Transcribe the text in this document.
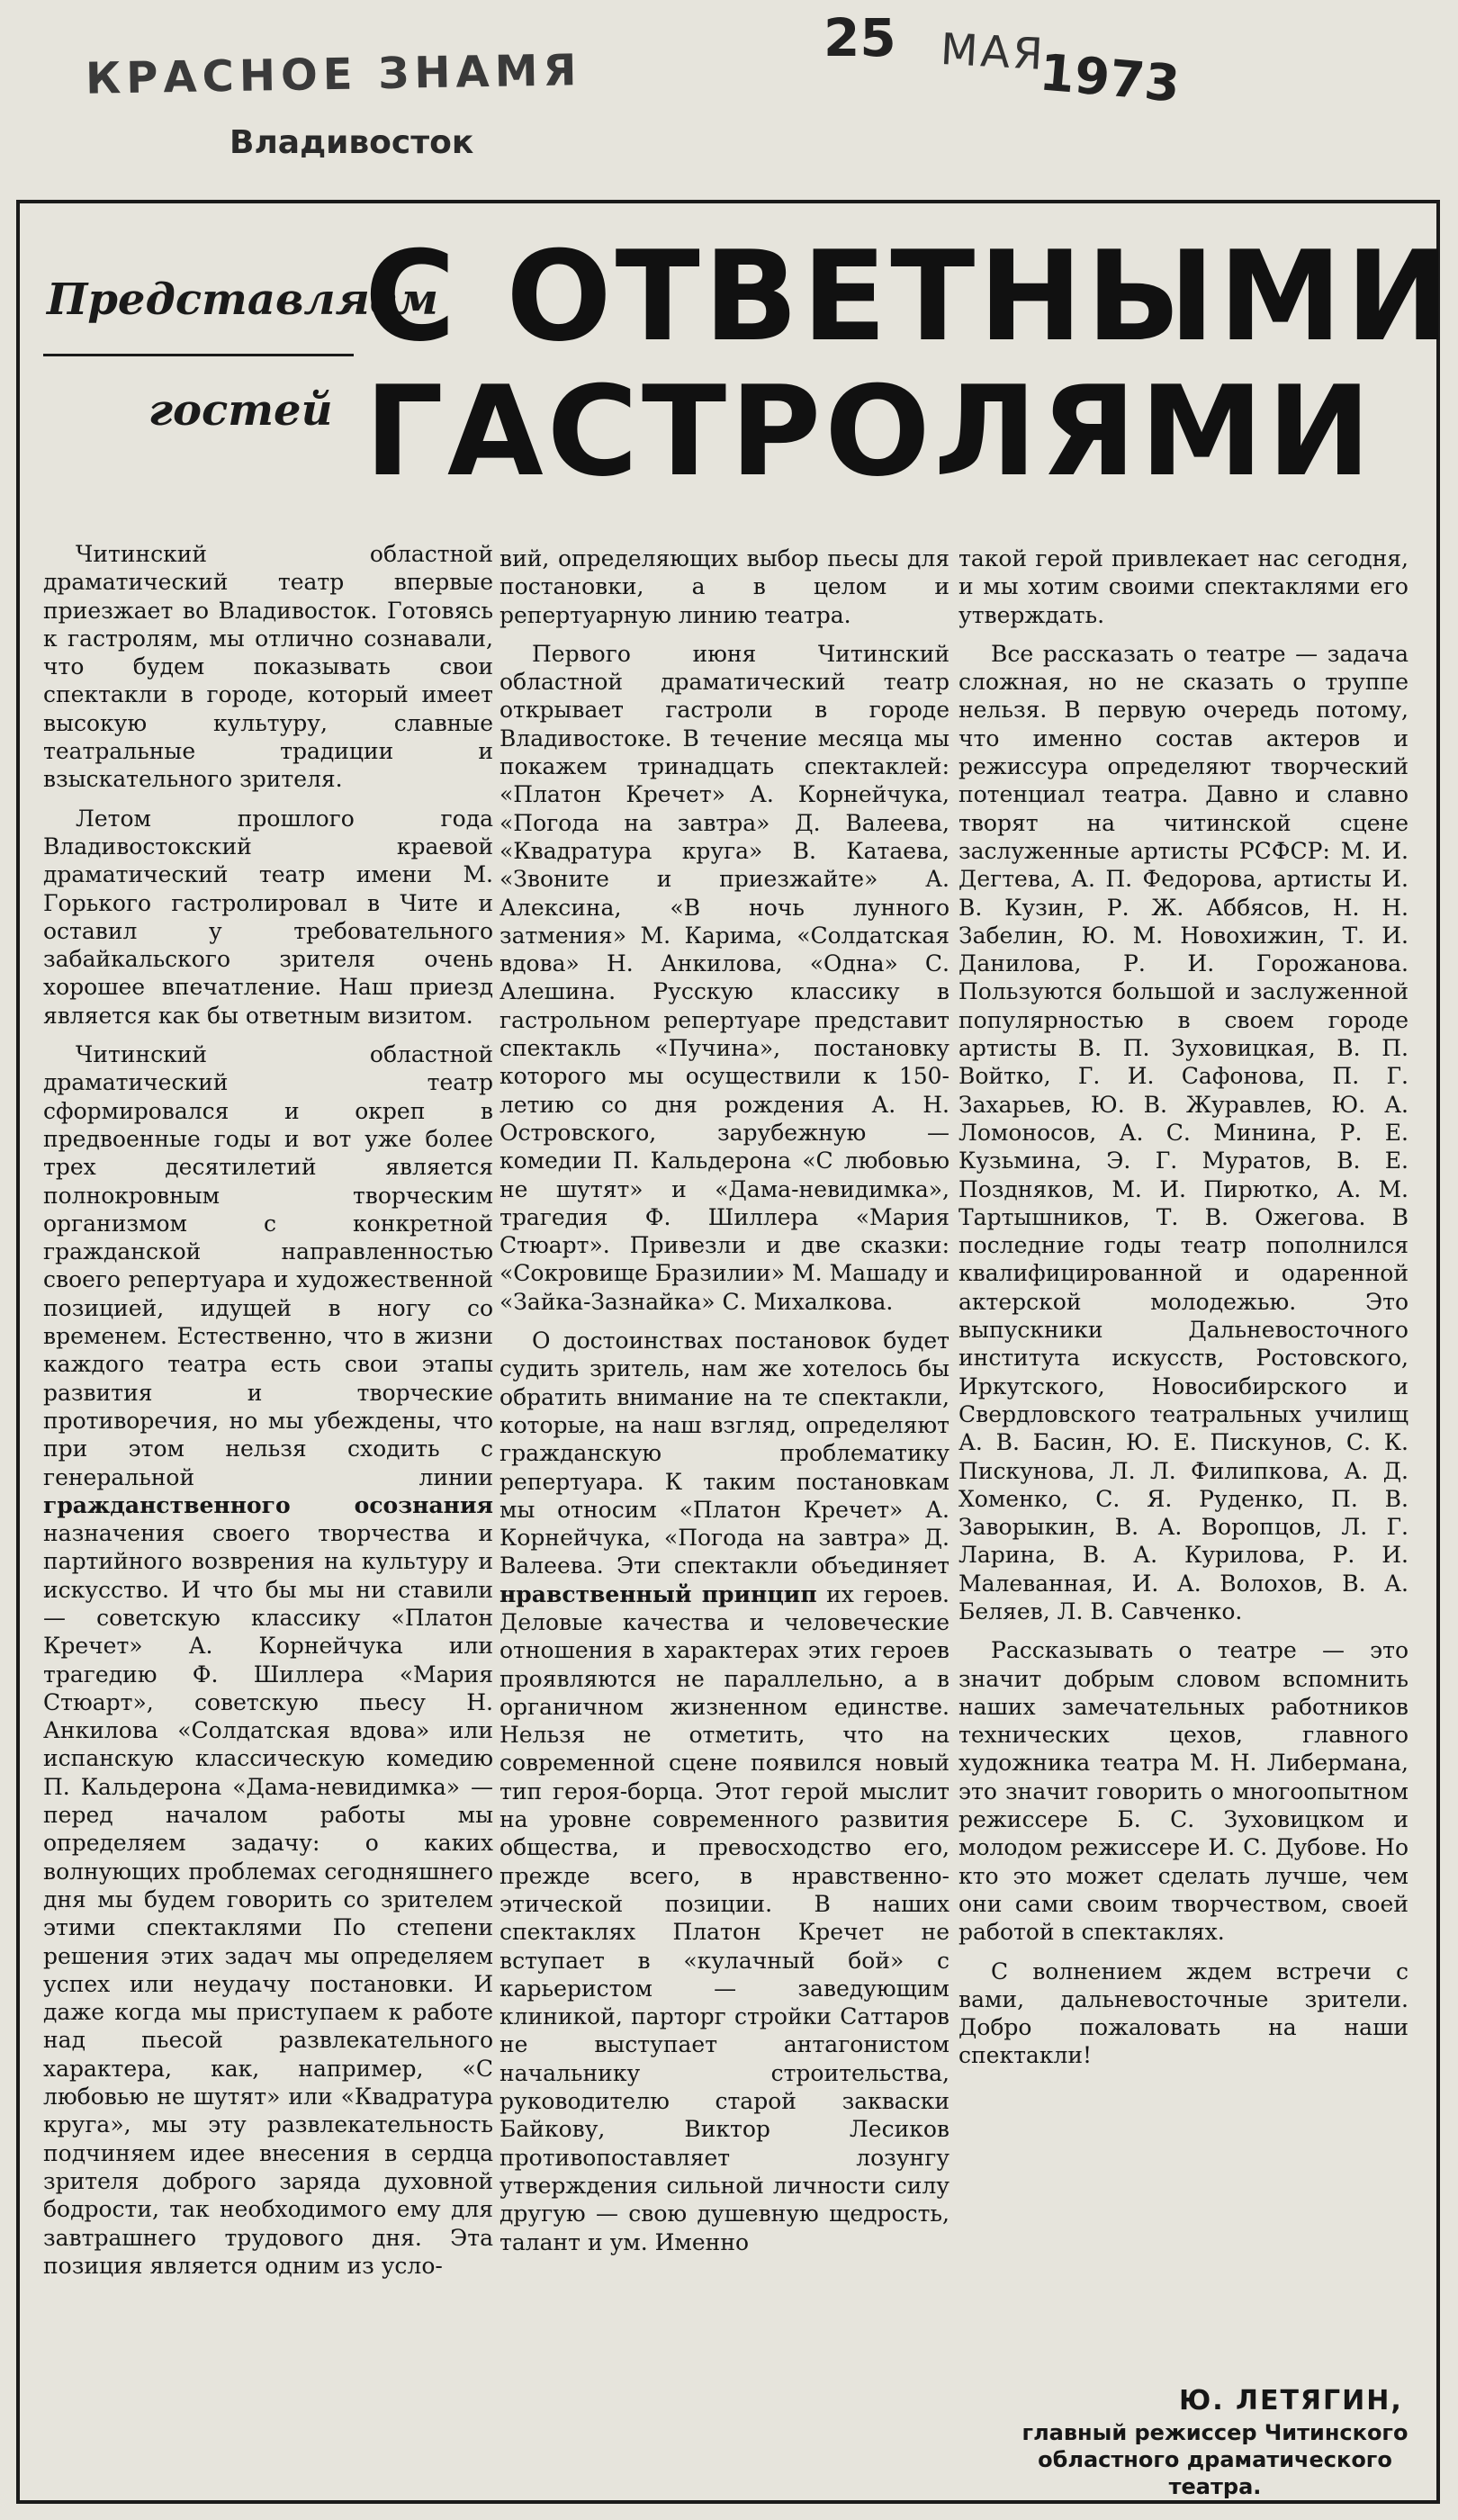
КРАСНОЕ ЗНАМЯ
Владивосток
25 МАЯ
1973
Представляем
гостей
С ОТВЕТНЫМИ
ГАСТРОЛЯМИ

Читинский областной драматический театр впервые приезжает во Владивосток. Готовясь к гастролям, мы отлично сознавали, что будем показывать свои спектакли в городе, который имеет высокую культуру, славные театральные традиции и взыскательного зрителя.

Летом прошлого года Владивостокский краевой драматический театр имени М. Горького гастролировал в Чите и оставил у требовательного забайкальского зрителя очень хорошее впечатление. Наш приезд является как бы ответным визитом.

Читинский областной драматический театр сформировался и окреп в предвоенные годы и вот уже более трех десятилетий является полнокровным творческим организмом с конкретной гражданской направленностью своего репертуара и художественной позицией, идущей в ногу со временем. Естественно, что в жизни каждого театра есть свои этапы развития и творческие противоречия, но мы убеждены, что при этом нельзя сходить с генеральной линии гражданственного осознания назначения своего творчества и партийного возврения на культуру и искусство. И что бы мы ни ставили — советскую классику «Платон Кречет» А. Корнейчука или трагедию Ф. Шиллера «Мария Стюарт», советскую пьесу Н. Анкилова «Солдатская вдова» или испанскую классическую комедию П. Кальдерона «Дама-невидимка» — перед началом работы мы определяем задачу: о каких волнующих проблемах сегодняшнего дня мы будем говорить со зрителем этими спектаклями По степени решения этих задач мы определяем успех или неудачу постановки. И даже когда мы приступаем к работе над пьесой развлекательного характера, как, например, «С любовью не шутят» или «Квадратура круга», мы эту развлекательность подчиняем идее внесения в сердца зрителя доброго заряда духовной бодрости, так необходимого ему для завтрашнего трудового дня. Эта позиция является одним из усло-

вий, определяющих выбор пьесы для постановки, а в целом и репертуарную линию театра.

Первого июня Читинский областной драматический театр открывает гастроли в городе Владивостоке. В течение месяца мы покажем тринадцать спектаклей: «Платон Кречет» А. Корнейчука, «Погода на завтра» Д. Валеева, «Квадратура круга» В. Катаева, «Звоните и приезжайте» А. Алексина, «В ночь лунного затмения» М. Карима, «Солдатская вдова» Н. Анкилова, «Одна» С. Алешина. Русскую классику в гастрольном репертуаре представит спектакль «Пучина», постановку которого мы осуществили к 150-летию со дня рождения А. Н. Островского, зарубежную — комедии П. Кальдерона «С любовью не шутят» и «Дама-невидимка», трагедия Ф. Шиллера «Мария Стюарт». Привезли и две сказки: «Сокровище Бразилии» М. Машаду и «Зайка-Зазнайка» С. Михалкова.

О достоинствах постановок будет судить зритель, нам же хотелось бы обратить внимание на те спектакли, которые, на наш взгляд, определяют гражданскую проблематику репертуара. К таким постановкам мы относим «Платон Кречет» А. Корнейчука, «Погода на завтра» Д. Валеева. Эти спектакли объединяет нравственный принцип их героев. Деловые качества и человеческие отношения в характерах этих героев проявляются не параллельно, а в органичном жизненном единстве. Нельзя не отметить, что на современной сцене появился новый тип героя-борца. Этот герой мыслит на уровне современного развития общества, и превосходство его, прежде всего, в нравственно-этической позиции. В наших спектаклях Платон Кречет не вступает в «кулачный бой» с карьеристом — заведующим клиникой, парторг стройки Саттаров не выступает антагонистом начальнику строительства, руководителю старой закваски Байкову, Виктор Лесиков противопоставляет лозунгу утверждения сильной личности силу другую — свою душевную щедрость, талант и ум. Именно

такой герой привлекает нас сегодня, и мы хотим своими спектаклями его утверждать.

Все рассказать о театре — задача сложная, но не сказать о труппе нельзя. В первую очередь потому, что именно состав актеров и режиссура определяют творческий потенциал театра. Давно и славно творят на читинской сцене заслуженные артисты РСФСР: М. И. Дегтева, А. П. Федорова, артисты И. В. Кузин, Р. Ж. Аббясов, Н. Н. Забелин, Ю. М. Новохижин, Т. И. Данилова, Р. И. Горожанова. Пользуются большой и заслуженной популярностью в своем городе артисты В. П. Зуховицкая, В. П. Войтко, Г. И. Сафонова, П. Г. Захарьев, Ю. В. Журавлев, Ю. А. Ломоносов, А. С. Минина, Р. Е. Кузьмина, Э. Г. Муратов, В. Е. Поздняков, М. И. Пирютко, А. М. Тартышников, Т. В. Ожегова. В последние годы театр пополнился квалифицированной и одаренной актерской молодежью. Это выпускники Дальневосточного института искусств, Ростовского, Иркутского, Новосибирского и Свердловского театральных училищ А. В. Басин, Ю. Е. Пискунов, С. К. Пискунова, Л. Л. Филипкова, А. Д. Хоменко, С. Я. Руденко, П. В. Заворыкин, В. А. Воропцов, Л. Г. Ларина, В. А. Курилова, Р. И. Малеванная, И. А. Волохов, В. А. Беляев, Л. В. Савченко.

Рассказывать о театре — это значит добрым словом вспомнить наших замечательных работников технических цехов, главного художника театра М. Н. Либермана, это значит говорить о многоопытном режиссере Б. С. Зуховицком и молодом режиссере И. С. Дубове. Но кто это может сделать лучше, чем они сами своим творчеством, своей работой в спектаклях.

С волнением ждем встречи с вами, дальневосточные зрители. Добро пожаловать на наши спектакли!

Ю. ЛЕТЯГИН,
главный режиссер Читинского областного драматического театра.
